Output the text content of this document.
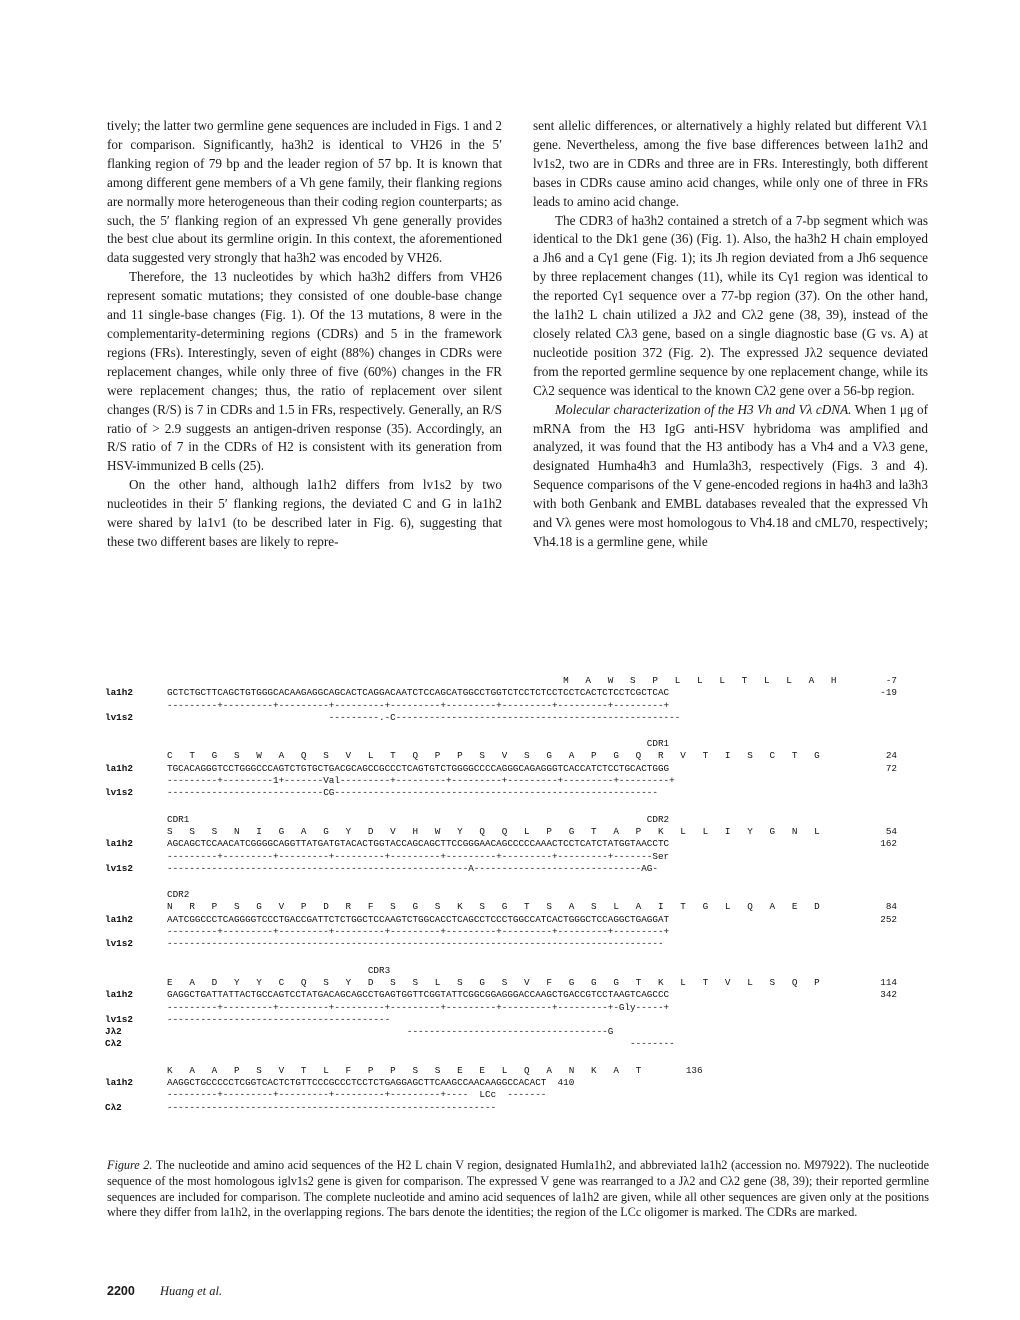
tively; the latter two germline gene sequences are included in Figs. 1 and 2 for comparison. Significantly, ha3h2 is identical to VH26 in the 5′ flanking region of 79 bp and the leader region of 57 bp. It is known that among different gene members of a Vh gene family, their flanking regions are normally more heterogeneous than their coding region counterparts; as such, the 5′ flanking region of an expressed Vh gene generally provides the best clue about its germline origin. In this context, the aforementioned data suggested very strongly that ha3h2 was encoded by VH26.

Therefore, the 13 nucleotides by which ha3h2 differs from VH26 represent somatic mutations; they consisted of one double-base change and 11 single-base changes (Fig. 1). Of the 13 mutations, 8 were in the complementarity-determining regions (CDRs) and 5 in the framework regions (FRs). Interestingly, seven of eight (88%) changes in CDRs were replacement changes, while only three of five (60%) changes in the FR were replacement changes; thus, the ratio of replacement over silent changes (R/S) is 7 in CDRs and 1.5 in FRs, respectively. Generally, an R/S ratio of > 2.9 suggests an antigen-driven response (35). Accordingly, an R/S ratio of 7 in the CDRs of H2 is consistent with its generation from HSV-immunized B cells (25).

On the other hand, although la1h2 differs from lv1s2 by two nucleotides in their 5′ flanking regions, the deviated C and G in la1h2 were shared by la1v1 (to be described later in Fig. 6), suggesting that these two different bases are likely to repre-

sent allelic differences, or alternatively a highly related but different Vλ1 gene. Nevertheless, among the five base differences between la1h2 and lv1s2, two are in CDRs and three are in FRs. Interestingly, both different bases in CDRs cause amino acid changes, while only one of three in FRs leads to amino acid change.

The CDR3 of ha3h2 contained a stretch of a 7-bp segment which was identical to the Dk1 gene (36) (Fig. 1). Also, the ha3h2 H chain employed a Jh6 and a Cγ1 gene (Fig. 1); its Jh region deviated from a Jh6 sequence by three replacement changes (11), while its Cγ1 region was identical to the reported Cγ1 sequence over a 77-bp region (37). On the other hand, the la1h2 L chain utilized a Jλ2 and Cλ2 gene (38, 39), instead of the closely related Cλ3 gene, based on a single diagnostic base (G vs. A) at nucleotide position 372 (Fig. 2). The expressed Jλ2 sequence deviated from the reported germline sequence by one replacement change, while its Cλ2 sequence was identical to the known Cλ2 gene over a 56-bp region.

Molecular characterization of the H3 Vh and Vλ cDNA. When 1 μg of mRNA from the H3 IgG anti-HSV hybridoma was amplified and analyzed, it was found that the H3 antibody has a Vh4 and a Vλ3 gene, designated Humha4h3 and Humla3h3, respectively (Figs. 3 and 4). Sequence comparisons of the V gene-encoded regions in ha4h3 and la3h3 with both Genbank and EMBL databases revealed that the expressed Vh and Vλ genes were most homologous to Vh4.18 and cML70, respectively; Vh4.18 is a germline gene, while

M   A   W   S   P   L   L   L   T   L   L   A   H	-7
la1h2	GCTCTGCTTCAGCTGTGGGCACAAGAGGCAGCACTCAGGACAATCTCCAGCATGGCCTGGTCTCCTCTCCTCCTCACTCTCCTCGCTCAC	-19
---------+---------+---------+---------+---------+---------+---------+---------+---------+
lv1s2	---------.-C---------------------------------------------------
CDR1
C   T   G   S   W   A   Q   S   V   L   T   Q   P   P   S   V   S   G   A   P   G   Q   R   V   T   I   S   C   T   G	24
la1h2	TGCACAGGGTCCTGGGCCCAGTCTGTGCTGACGCAGCCGCCCTCAGTGTCTGGGGCCCCAGGGCAGAGGGTCACCATCTCCTGCACTGGG	72
---------+---------1+-------Val---------+---------+---------+---------+---------+---------+
lv1s2	----------------------------CG----------------------------------------------------------
CDR1                                                                                  CDR2
S   S   S   N   I   G   A   G   Y   D   V   H   W   Y   Q   Q   L   P   G   T   A   P   K   L   L   I   Y   G   N   L	54
la1h2	AGCAGCTCCAACATCGGGGCAGGTTATGATGTACACTGGTACCAGCAGCTTCCGGGAACAGCCCCCAAACTCCTCATCTATGGTAACCTC	162
---------+---------+---------+---------+---------+---------+---------+---------+-------Ser
lv1s2	------------------------------------------------------A------------------------------AG-
CDR2
N   R   P   S   G   V   P   D   R   F   S   G   S   K   S   G   T   S   A   S   L   A   I   T   G   L   Q   A   E   D	84
la1h2	AATCGGCCCTCAGGGGTCCCTGACCGATTCTCTGGCTCCAAGTCTGGCACCTCAGCCTCCCTGGCCATCACTGGGCTCCAGGCTGAGGAT	252
---------+---------+---------+---------+---------+---------+---------+---------+---------+
lv1s2	-----------------------------------------------------------------------------------------
CDR3
E   A   D   Y   Y   C   Q   S   Y   D   S   S   L   S   G   S   V   F   G   G   G   T   K   L   T   V   L   S   Q   P	114
la1h2	GAGGCTGATTATTACTGCCAGTCCTATGACAGCAGCCTGAGTGGTTCGGTATTCGGCGGAGGGACCAAGCTGACCGTCCTAAGTCAGCCC	342
---------+---------+---------+---------+---------+---------+---------+---------+-Gly-----+
lv1s2	----------------------------------------
Jλ2	------------------------------------G
Cλ2	--------
K   A   A   P   S   V   T   L   F   P   P   S   S   E   E   L   Q   A   N   K   A   T        136
la1h2	AAGGCTGCCCCCTCGGTCACTCTGTTCCCGCCCTCCTCTGAGGAGCTTCAAGCCAACAAGGCCACACT  410
---------+---------+---------+---------+---------+----  LCc  -------
Cλ2	-----------------------------------------------------------
Figure 2. The nucleotide and amino acid sequences of the H2 L chain V region, designated Humla1h2, and abbreviated la1h2 (accession no. M97922). The nucleotide sequence of the most homologous iglv1s2 gene is given for comparison. The expressed V gene was rearranged to a Jλ2 and Cλ2 gene (38, 39); their reported germline sequences are included for comparison. The complete nucleotide and amino acid sequences of la1h2 are given, while all other sequences are given only at the positions where they differ from la1h2, in the overlapping regions. The bars denote the identities; the region of the LCc oligomer is marked. The CDRs are marked.
2200 Huang et al.
